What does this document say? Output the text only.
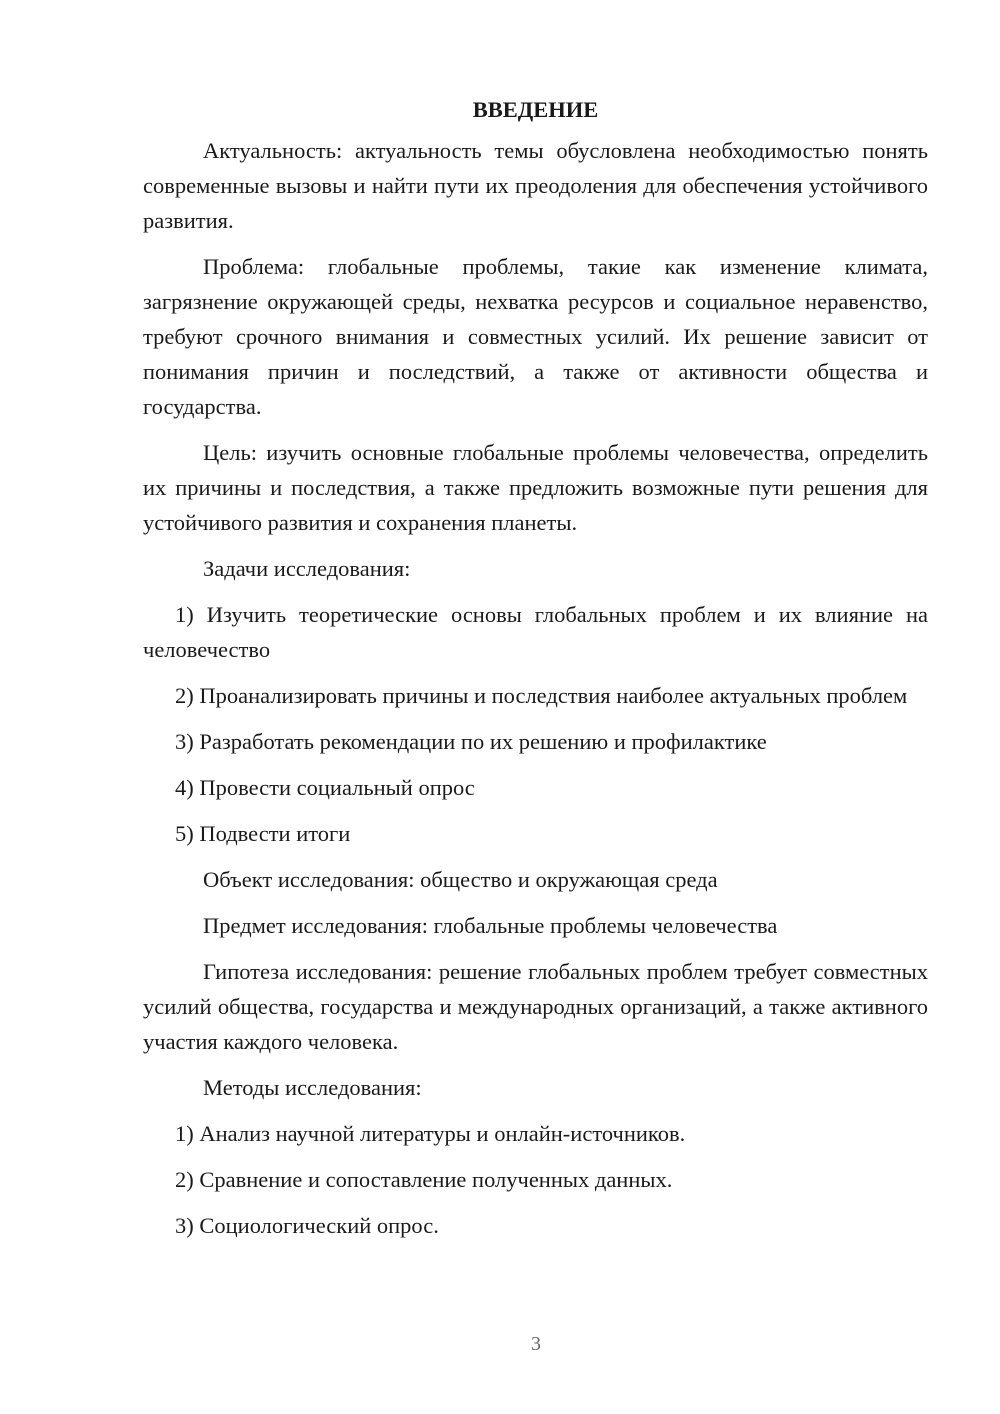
ВВЕДЕНИЕ

Актуальность: актуальность темы обусловлена необходимостью понять современные вызовы и найти пути их преодоления для обеспечения устойчивого развития.

Проблема: глобальные проблемы, такие как изменение климата, загрязнение окружающей среды, нехватка ресурсов и социальное неравенство, требуют срочного внимания и совместных усилий. Их решение зависит от понимания причин и последствий, а также от активности общества и государства.

Цель: изучить основные глобальные проблемы человечества, определить их причины и последствия, а также предложить возможные пути решения для устойчивого развития и сохранения планеты.

Задачи исследования:

1) Изучить теоретические основы глобальных проблем и их влияние на человечество

2) Проанализировать причины и последствия наиболее актуальных проблем

3) Разработать рекомендации по их решению и профилактике

4) Провести социальный опрос

5) Подвести итоги

Объект исследования: общество и окружающая среда

Предмет исследования: глобальные проблемы человечества

Гипотеза исследования: решение глобальных проблем требует совместных усилий общества, государства и международных организаций, а также активного участия каждого человека.

Методы исследования:

1) Анализ научной литературы и онлайн-источников.

2) Сравнение и сопоставление полученных данных.

3) Социологический опрос.

3
